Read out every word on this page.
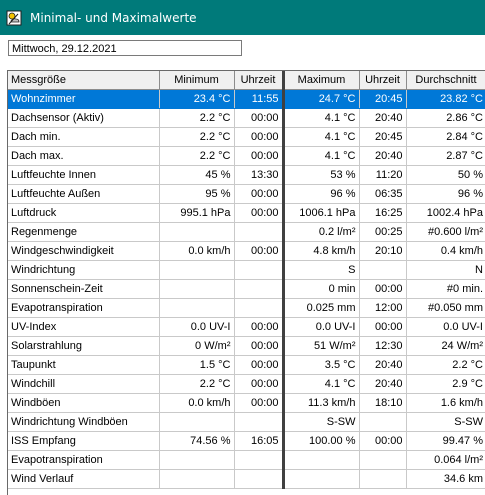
Minimal- und Maximalwerte
Mittwoch, 29.12.2021
Messgröße	Minimum	Uhrzeit	Maximum	Uhrzeit	Durchschnitt
Wohnzimmer	23.4 °C	11:55	24.7 °C	20:45	23.82 °C
Dachsensor (Aktiv)	2.2 °C	00:00	4.1 °C	20:40	2.86 °C
Dach min.	2.2 °C	00:00	4.1 °C	20:45	2.84 °C
Dach max.	2.2 °C	00:00	4.1 °C	20:40	2.87 °C
Luftfeuchte Innen	45 %	13:30	53 %	11:20	50 %
Luftfeuchte Außen	95 %	00:00	96 %	06:35	96 %
Luftdruck	995.1 hPa	00:00	1006.1 hPa	16:25	1002.4 hPa
Regenmenge			0.2 l/m²	00:25	#0.600 l/m²
Windgeschwindigkeit	0.0 km/h	00:00	4.8 km/h	20:10	0.4 km/h
Windrichtung			S		N
Sonnenschein-Zeit			0 min	00:00	#0 min.
Evapotranspiration			0.025 mm	12:00	#0.050 mm
UV-Index	0.0 UV-I	00:00	0.0 UV-I	00:00	0.0 UV-I
Solarstrahlung	0 W/m²	00:00	51 W/m²	12:30	24 W/m²
Taupunkt	1.5 °C	00:00	3.5 °C	20:40	2.2 °C
Windchill	2.2 °C	00:00	4.1 °C	20:40	2.9 °C
Windböen	0.0 km/h	00:00	11.3 km/h	18:10	1.6 km/h
Windrichtung Windböen			S-SW		S-SW
ISS Empfang	74.56 %	16:05	100.00 %	00:00	99.47 %
Evapotranspiration					0.064 l/m²
Wind Verlauf					34.6 km
